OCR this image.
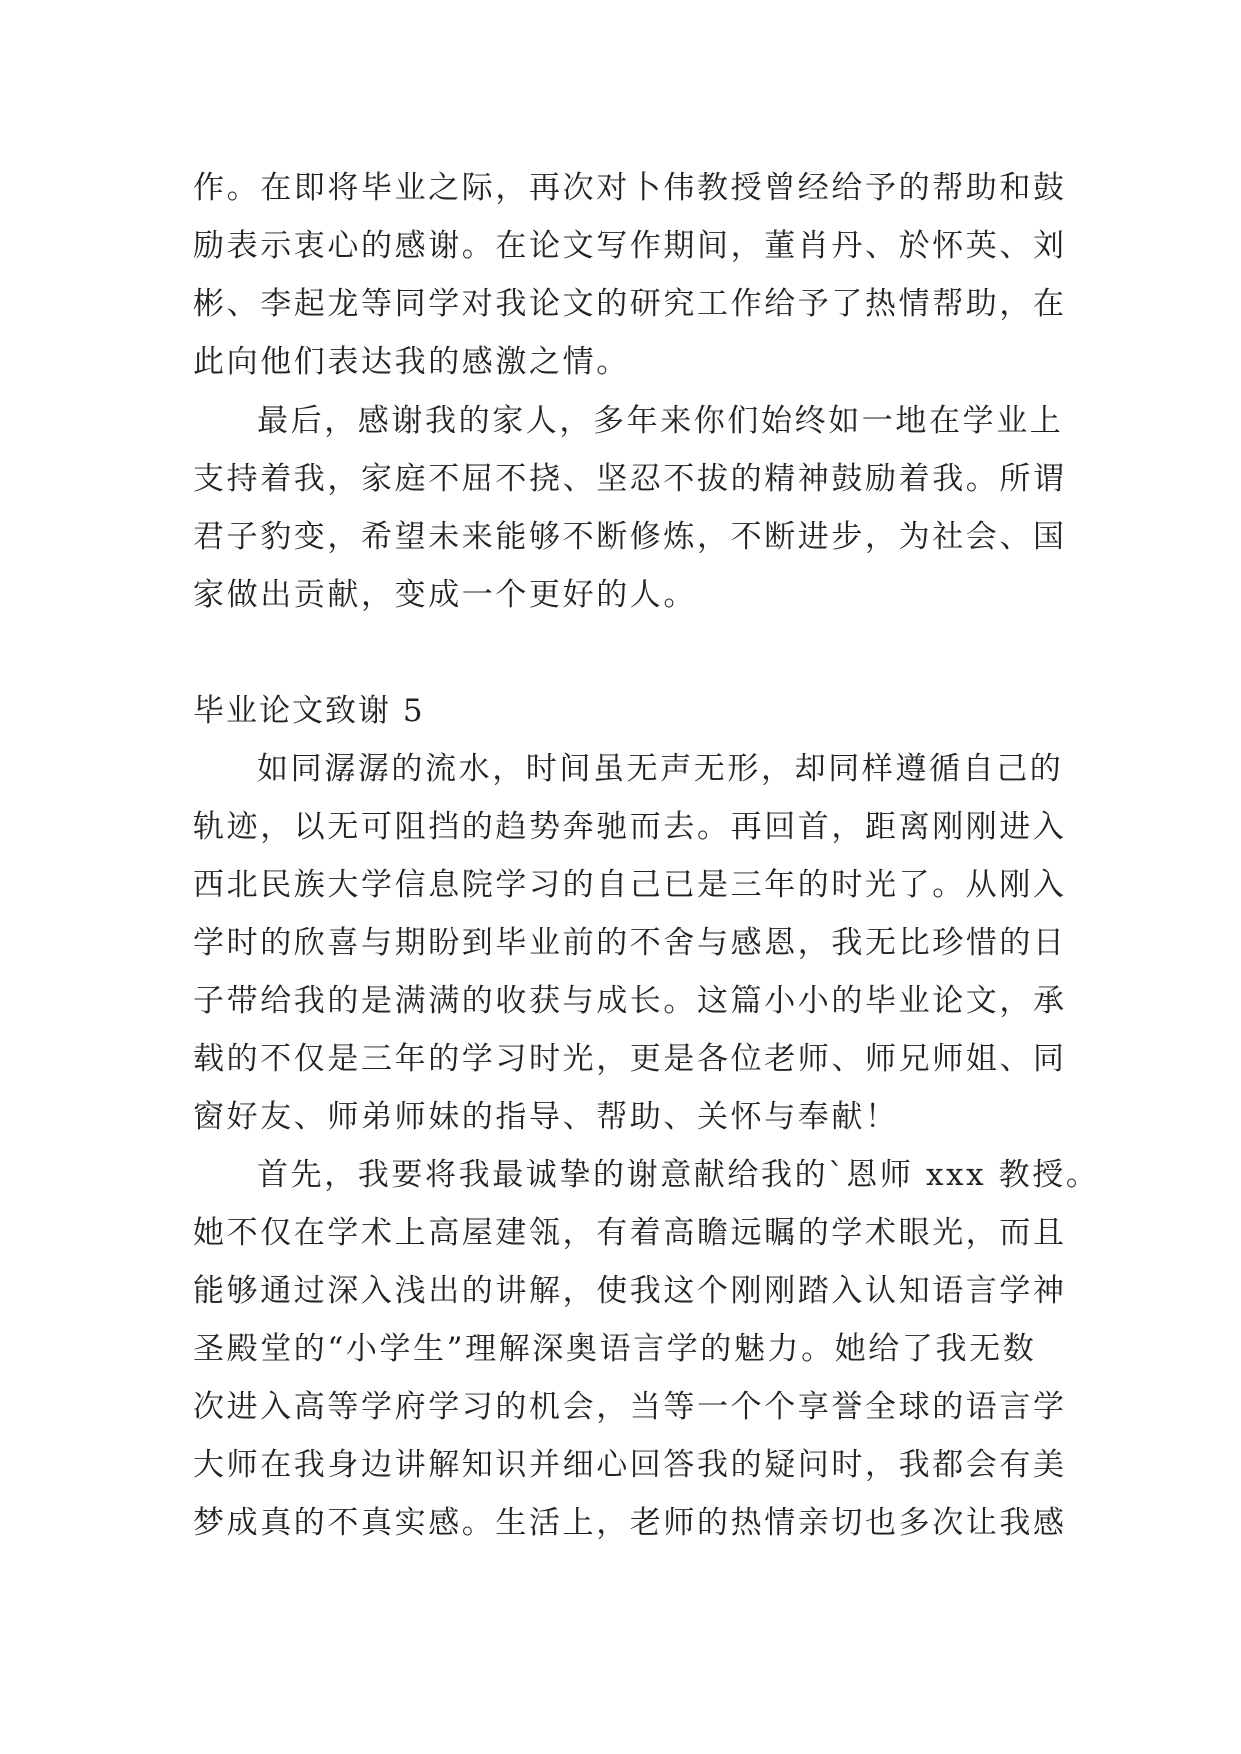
作。在即将毕业之际，再次对卜伟教授曾经给予的帮助和鼓
励表示衷心的感谢。在论文写作期间，董肖丹、於怀英、刘
彬、李起龙等同学对我论文的研究工作给予了热情帮助，在
此向他们表达我的感激之情。
最后，感谢我的家人，多年来你们始终如一地在学业上
支持着我，家庭不屈不挠、坚忍不拔的精神鼓励着我。所谓
君子豹变，希望未来能够不断修炼，不断进步，为社会、国
家做出贡献，变成一个更好的人。
毕业论文致谢 5
如同潺潺的流水，时间虽无声无形，却同样遵循自己的
轨迹，以无可阻挡的趋势奔驰而去。再回首，距离刚刚进入
西北民族大学信息院学习的自己已是三年的时光了。从刚入
学时的欣喜与期盼到毕业前的不舍与感恩，我无比珍惜的日
子带给我的是满满的收获与成长。这篇小小的毕业论文，承
载的不仅是三年的学习时光，更是各位老师、师兄师姐、同
窗好友、师弟师妹的指导、帮助、关怀与奉献！
首先，我要将我最诚挚的谢意献给我的`恩师 xxx 教授。
她不仅在学术上高屋建瓴，有着高瞻远瞩的学术眼光，而且
能够通过深入浅出的讲解，使我这个刚刚踏入认知语言学神
圣殿堂的“小学生”理解深奥语言学的魅力。她给了我无数
次进入高等学府学习的机会，当等一个个享誉全球的语言学
大师在我身边讲解知识并细心回答我的疑问时，我都会有美
梦成真的不真实感。生活上，老师的热情亲切也多次让我感
